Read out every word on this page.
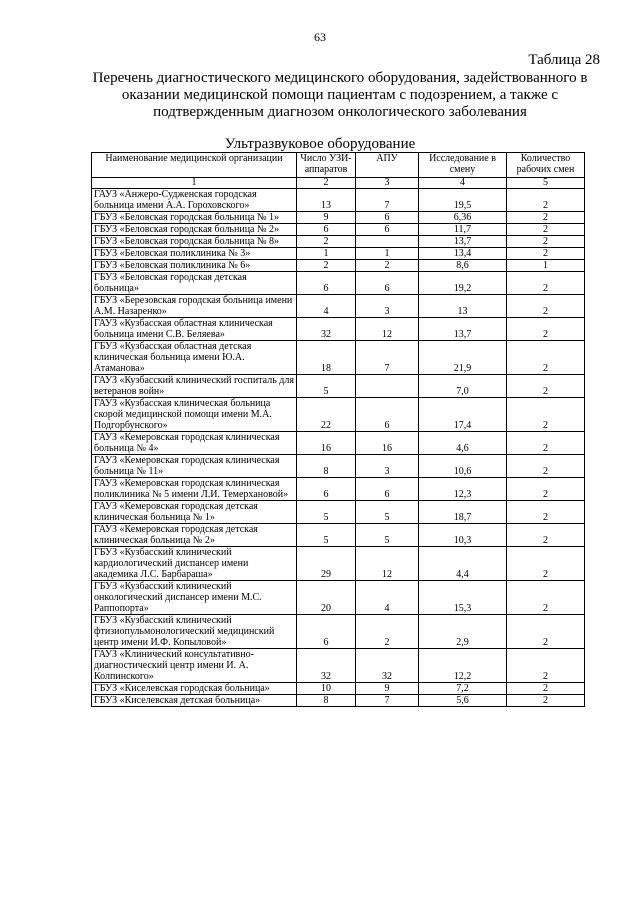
63
Таблица 28
Перечень диагностического медицинского оборудования, задействованного в оказании медицинской помощи пациентам с подозрением, а также с подтвержденным диагнозом онкологического заболевания
Ультразвуковое оборудование
Наименование медицинской организации	Число УЗИ-аппаратов	АПУ	Исследование в смену	Количество рабочих смен
1	2	3	4	5
ГАУЗ «Анжеро-Судженская городская больница имени А.А. Гороховского»	13	7	19,5	2
ГБУЗ «Беловская городская больница № 1»	9	6	6,36	2
ГБУЗ «Беловская городская больница № 2»	6	6	11,7	2
ГБУЗ «Беловская городская больница № 8»	2		13,7	2
ГБУЗ «Беловская поликлиника № 3»	1	1	13,4	2
ГБУЗ «Беловская поликлиника № 6»	2	2	8,6	1
ГБУЗ «Беловская городская детская больница»	6	6	19,2	2
ГБУЗ «Березовская городская больница имени А.М. Назаренко»	4	3	13	2
ГАУЗ «Кузбасская областная клиническая больница имени С.В. Беляева»	32	12	13,7	2
ГБУЗ «Кузбасская областная детская клиническая больница имени Ю.А. Атаманова»	18	7	21,9	2
ГАУЗ «Кузбасский клинический госпиталь для ветеранов войн»	5		7,0	2
ГАУЗ «Кузбасская клиническая больница скорой медицинской помощи имени М.А. Подгорбунского»	22	6	17,4	2
ГАУЗ «Кемеровская городская клиническая больница № 4»	16	16	4,6	2
ГАУЗ «Кемеровская городская клиническая больница № 11»	8	3	10,6	2
ГАУЗ «Кемеровская городская клиническая поликлиника № 5 имени Л.И. Темерхановой»	6	6	12,3	2
ГАУЗ «Кемеровская городская детская клиническая больница № 1»	5	5	18,7	2
ГАУЗ «Кемеровская городская детская клиническая больница № 2»	5	5	10,3	2
ГБУЗ «Кузбасский клинический кардиологический диспансер имени академика Л.С. Барбараша»	29	12	4,4	2
ГБУЗ «Кузбасский клинический онкологический диспансер имени М.С. Раппопорта»	20	4	15,3	2
ГБУЗ «Кузбасский клинический фтизиопульмонологический медицинский центр имени И.Ф. Копыловой»	6	2	2,9	2
ГАУЗ «Клинический консультативно-диагностический центр имени И. А. Колпинского»	32	32	12,2	2
ГБУЗ «Киселевская городская больница»	10	9	7,2	2
ГБУЗ «Киселевская детская больница»	8	7	5,6	2
